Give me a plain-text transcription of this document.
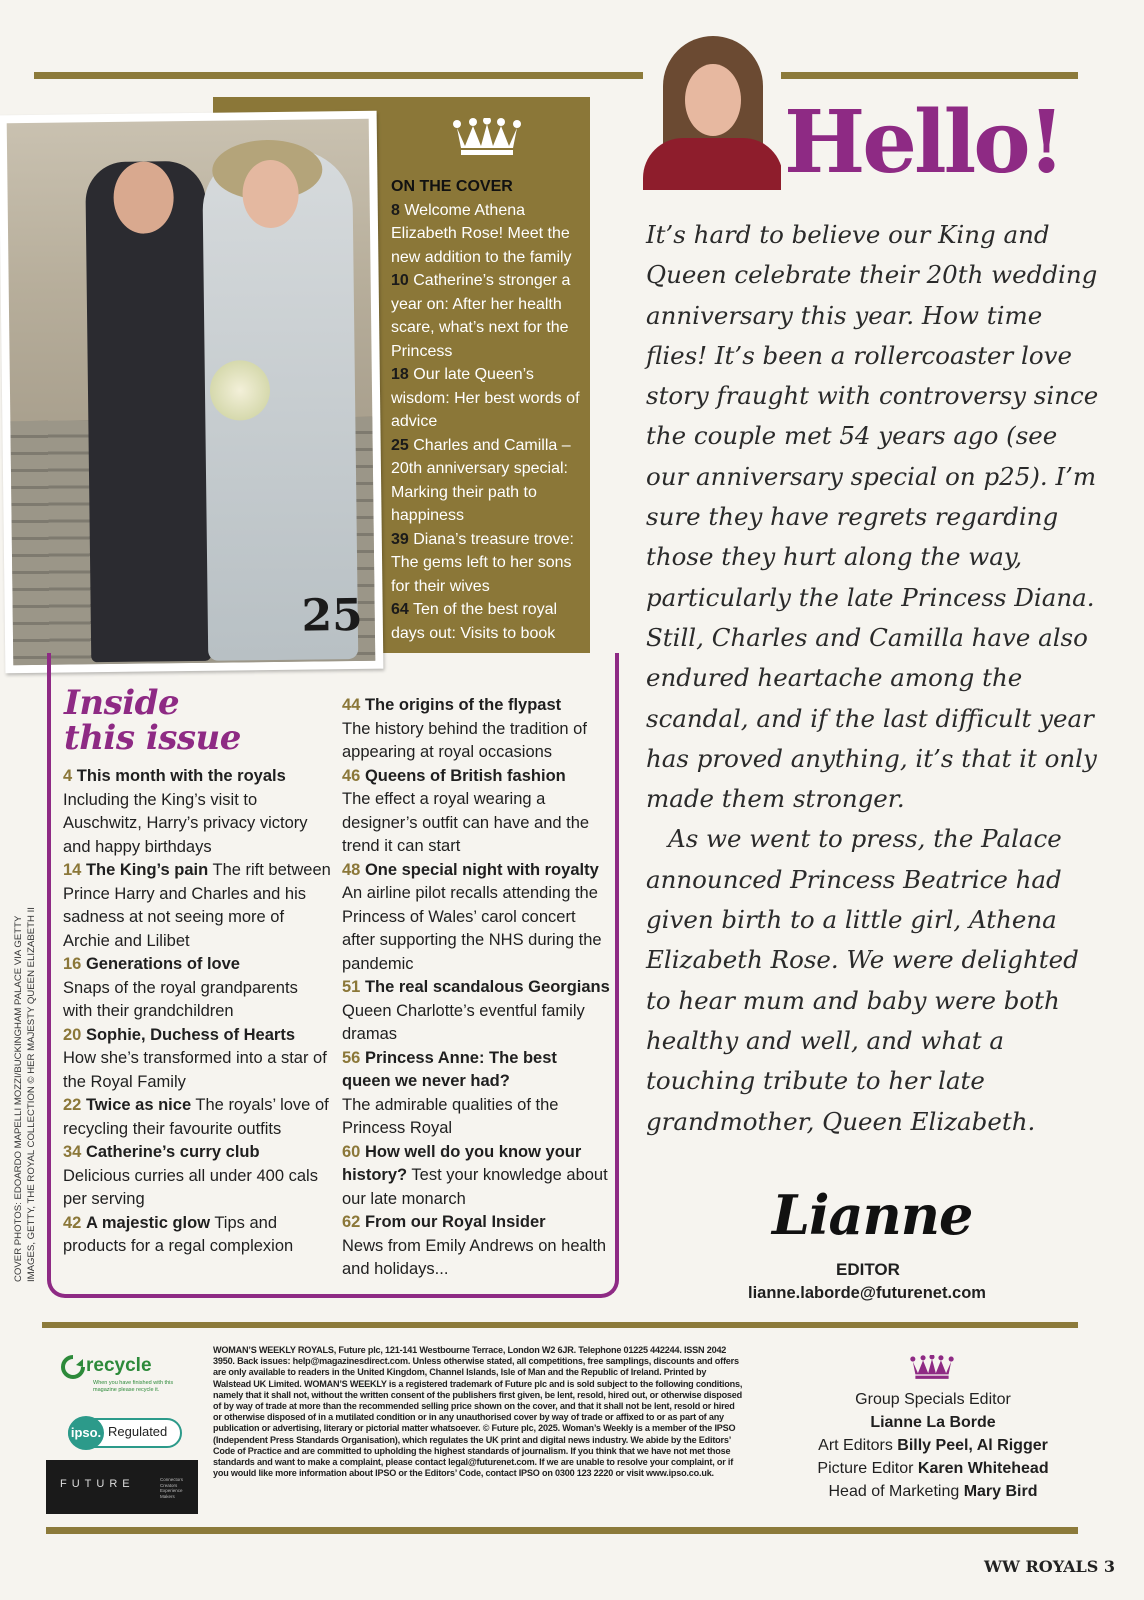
ON THE COVER
8 Welcome Athena Elizabeth Rose! Meet the new addition to the family
10 Catherine’s stronger a year on: After her health scare, what’s next for the Princess
18 Our late Queen’s wisdom: Her best words of advice
25 Charles and Camilla – 20th anniversary special: Marking their path to happiness
39 Diana’s treasure trove: The gems left to her sons for their wives
64 Ten of the best royal days out: Visits to book
25
Inside
this issue
4 This month with the royals
Including the King’s visit to Auschwitz, Harry’s privacy victory and happy birthdays
14 The King’s pain The rift between Prince Harry and Charles and his sadness at not seeing more of Archie and Lilibet
16 Generations of love
Snaps of the royal grandparents with their grandchildren
20 Sophie, Duchess of Hearts
How she’s transformed into a star of the Royal Family
22 Twice as nice The royals’ love of recycling their favourite outfits
34 Catherine’s curry club
Delicious curries all under 400 cals per serving
42 A majestic glow Tips and products for a regal complexion
44 The origins of the flypast
The history behind the tradition of appearing at royal occasions
46 Queens of British fashion
The effect a royal wearing a designer’s outfit can have and the trend it can start
48 One special night with royalty An airline pilot recalls attending the Princess of Wales’ carol concert after supporting the NHS during the pandemic
51 The real scandalous Georgians Queen Charlotte’s eventful family dramas
56 Princess Anne: The best queen we never had?
The admirable qualities of the Princess Royal
60 How well do you know your history? Test your knowledge about our late monarch
62 From our Royal Insider
News from Emily Andrews on health and holidays...
Hello!

It’s hard to believe our King and Queen celebrate their 20th wedding anniversary this year. How time flies! It’s been a rollercoaster love story fraught with controversy since the couple met 54 years ago (see our anniversary special on p25). I’m sure they have regrets regarding those they hurt along the way, particularly the late Princess Diana. Still, Charles and Camilla have also endured heartache among the scandal, and if the last difficult year has proved anything, it’s that it only made them stronger.

As we went to press, the Palace announced Princess Beatrice had given birth to a little girl, Athena Elizabeth Rose. We were delighted to hear mum and baby were both healthy and well, and what a touching tribute to her late grandmother, Queen Elizabeth.

Lianne
EDITOR
lianne.laborde@futurenet.com
COVER PHOTOS: EDOARDO MAPELLI MOZZI/BUCKINGHAM PALACE VIA GETTY IMAGES, GETTY, THE ROYAL COLLECTION © HER MAJESTY QUEEN ELIZABETH II
recycle
When you have finished with this magazine please recycle it.
ipso. Regulated
FUTURE	Connectors Creators Experience Makers
WOMAN’S WEEKLY ROYALS, Future plc, 121-141 Westbourne Terrace, London W2 6JR. Telephone 01225 442244. ISSN 2042 3950. Back issues: help@magazinesdirect.com. Unless otherwise stated, all competitions, free samplings, discounts and offers are only available to readers in the United Kingdom, Channel Islands, Isle of Man and the Republic of Ireland. Printed by Walstead UK Limited. WOMAN’S WEEKLY is a registered trademark of Future plc and is sold subject to the following conditions, namely that it shall not, without the written consent of the publishers first given, be lent, resold, hired out, or otherwise disposed of by way of trade at more than the recommended selling price shown on the cover, and that it shall not be lent, resold or hired or otherwise disposed of in a mutilated condition or in any unauthorised cover by way of trade or affixed to or as part of any publication or advertising, literary or pictorial matter whatsoever. © Future plc, 2025. Woman’s Weekly is a member of the IPSO (Independent Press Standards Organisation), which regulates the UK print and digital news industry. We abide by the Editors’ Code of Practice and are committed to upholding the highest standards of journalism. If you think that we have not met those standards and want to make a complaint, please contact legal@futurenet.com. If we are unable to resolve your complaint, or if you would like more information about IPSO or the Editors’ Code, contact IPSO on 0300 123 2220 or visit www.ipso.co.uk.
Group Specials Editor
Lianne La Borde
Art Editors Billy Peel, Al Rigger
Picture Editor Karen Whitehead
Head of Marketing Mary Bird
WW ROYALS 3
